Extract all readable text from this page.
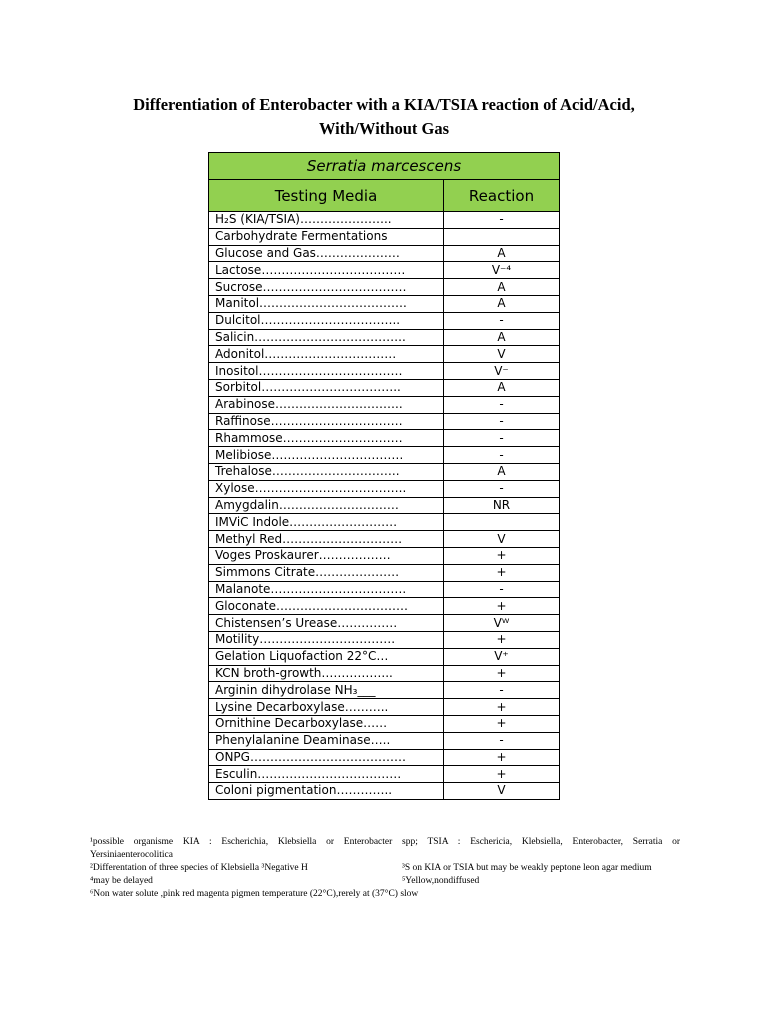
Differentiation of Enterobacter with a KIA/TSIA reaction of Acid/Acid,
With/Without Gas
Serratia marcescens	
Testing Media	Reaction
H₂S (KIA/TSIA)…………………..	-
Carbohydrate Fermentations	
Glucose and Gas…………………	A
Lactose………………………………	V⁻⁴
Sucrose………………………………	A
Manitol……………………………….	A
Dulcitol……………………………..	-
Salicin………………………………..	A
Adonitol……………………………	V
Inositol………………………………	V⁻
Sorbitol……………………………..	A
Arabinose…………………………..	-
Raffinose……………………………	-
Rhammose…………………………	-
Melibiose……………………………	-
Trehalose…………………………..	A
Xylose………………………………..	-
Amygdalin…………………………	NR
IMViC Indole………………………	
Methyl Red…………………………	V
Voges Proskaurer………………	+
Simmons Citrate…………………	+
Malanote…………………………….	-
Gloconate……………………………	+
Chistensen’s Urease……………	Vᵂ
Motility…………………………….	+
Gelation Liquofaction 22°C…	V⁺
KCN broth-growth……………...	+
Arginin dihydrolase NH₃___	-
Lysine Decarboxylase………..	+
Ornithine Decarboxylase……	+
Phenylalanine Deaminase…..	-
ONPG…………………………………	+
Esculin………………………………	+
Coloni pigmentation…………..	V
¹possible organisme KIA : Escherichia, Klebsiella or Enterobacter spp; TSIA : Eschericia, Klebsiella, Enterobacter, Serratia or
Yersiniaenterocolitica
²Differentation of three species of Klebsiella ³Negative H	³S on KIA or TSIA but may be weakly peptone leon agar medium
⁴may be delayed	⁵Yellow,nondiffused
⁶Non water solute ,pink red magenta pigmen temperature (22°C),rerely at (37°C) slow
